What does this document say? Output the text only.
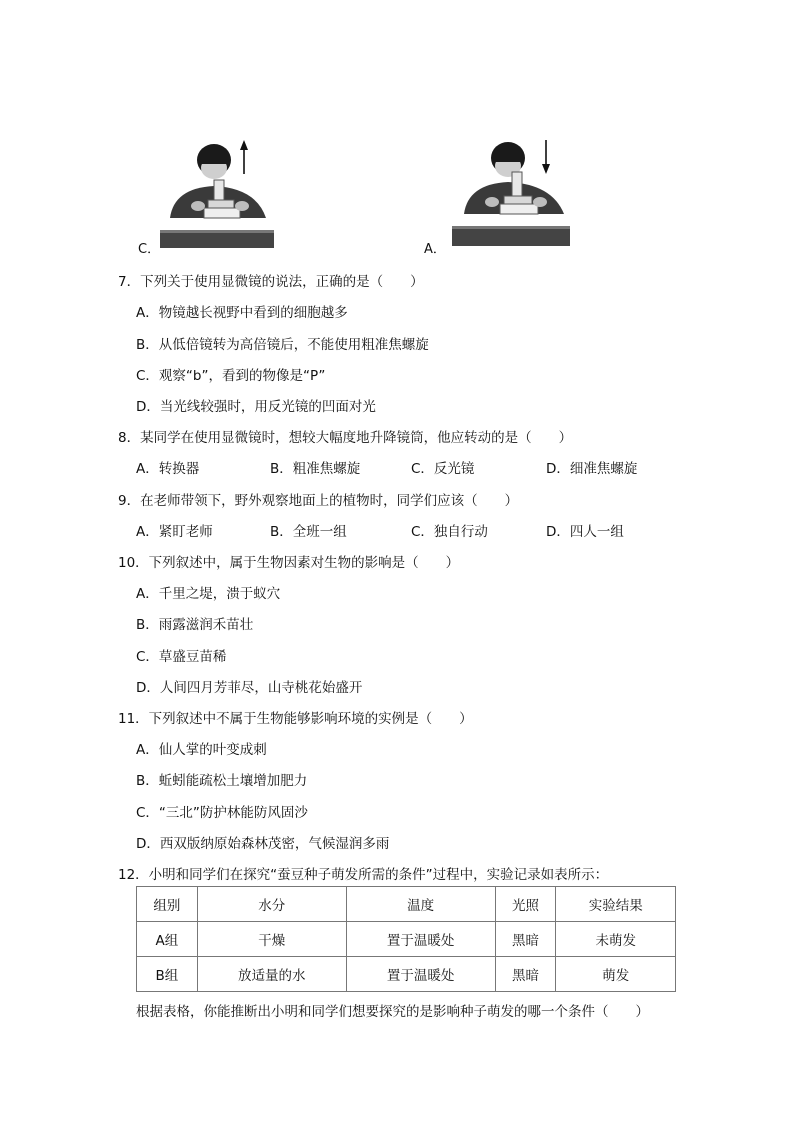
C．	A．
7．下列关于使用显微镜的说法，正确的是（　　）
A．物镜越长视野中看到的细胞越多
B．从低倍镜转为高倍镜后，不能使用粗准焦螺旋
C．观察“b”，看到的物像是“P”
D．当光线较强时，用反光镜的凹面对光
8．某同学在使用显微镜时，想较大幅度地升降镜筒，他应转动的是（　　）
A．转换器	B．粗准焦螺旋	C．反光镜	D．细准焦螺旋
9．在老师带领下，野外观察地面上的植物时，同学们应该（　　）
A．紧盯老师	B．全班一组	C．独自行动	D．四人一组
10．下列叙述中，属于生物因素对生物的影响是（　　）
A．千里之堤，溃于蚁穴
B．雨露滋润禾苗壮
C．草盛豆苗稀
D．人间四月芳菲尽，山寺桃花始盛开
11．下列叙述中不属于生物能够影响环境的实例是（　　）
A．仙人掌的叶变成刺
B．蚯蚓能疏松土壤增加肥力
C．“三北”防护林能防风固沙
D．西双版纳原始森林茂密，气候湿润多雨
12．小明和同学们在探究“蚕豆种子萌发所需的条件”过程中，实验记录如表所示：
组别	水分	温度	光照	实验结果
A组	干燥	置于温暖处	黑暗	未萌发
B组	放适量的水	置于温暖处	黑暗	萌发
根据表格，你能推断出小明和同学们想要探究的是影响种子萌发的哪一个条件（　　）
